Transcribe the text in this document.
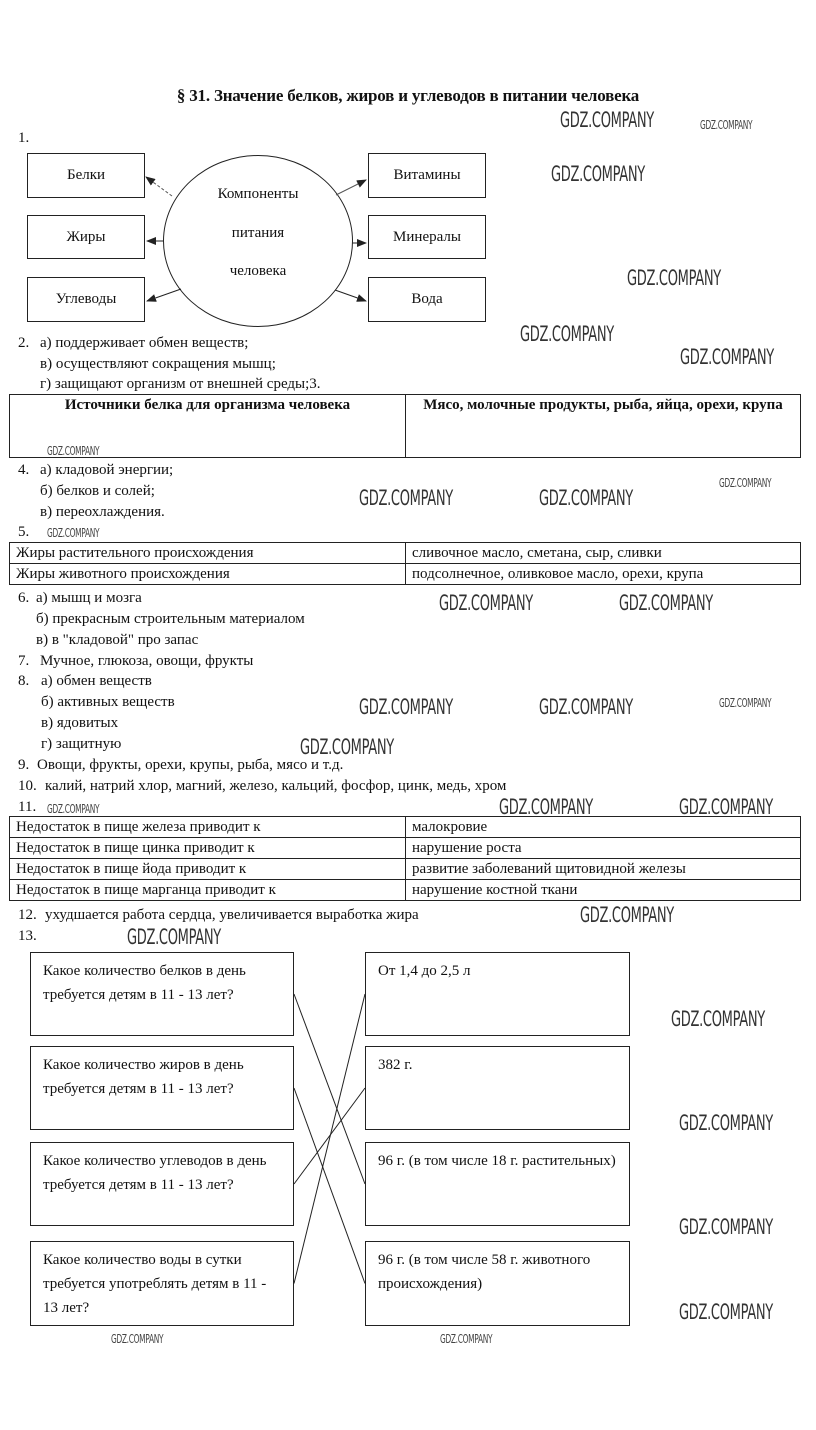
§ 31. Значение белков, жиров и углеводов в питании человека
1.
Белки
Жиры
Углеводы
Витамины
Минералы
Вода
Компоненты
питания
человека
2. а) поддерживает обмен веществ;
в) осуществляют сокращения мышц;
г) защищают организм от внешней среды;3.
Источники белка для организма человека	Мясо, молочные продукты, рыба, яйца, орехи, крупа
4. а) кладовой энергии;
б) белков и солей;
в) переохлаждения.
5.
Жиры растительного происхождения	сливочное масло, сметана, сыр, сливки
Жиры животного происхождения	подсолнечное, оливковое масло, орехи, крупа
6. а) мышц и мозга
б) прекрасным строительным материалом
в) в "кладовой" про запас
7. Мучное, глюкоза, овощи, фрукты
8. а) обмен веществ
б) активных веществ
в) ядовитых
г) защитную
9. Овощи, фрукты, орехи, крупы, рыба, мясо и т.д.
10. калий, натрий хлор, магний, железо, кальций, фосфор, цинк, медь, хром
11.
Недостаток в пище железа приводит к	малокровие
Недостаток в пище цинка приводит к	нарушение роста
Недостаток в пище йода приводит к	развитие заболеваний щитовидной железы
Недостаток в пище марганца приводит к	нарушение костной ткани
12. ухудшается работа сердца, увеличивается выработка жира
13.
Какое количество белков в день требуется детям в 11 - 13 лет?
Какое количество жиров в день требуется детям в 11 - 13 лет?
Какое количество углеводов в день требуется детям в 11 - 13 лет?
Какое количество воды в сутки требуется употреблять детям в 11 - 13 лет?
От 1,4 до 2,5 л
382 г.
96 г. (в том числе 18 г. растительных)
96 г. (в том числе 58 г. животного происхождения)
GDZ.COMPANY	GDZ.COMPANY
GDZ.COMPANY
GDZ.COMPANY
GDZ.COMPANY
GDZ.COMPANY
GDZ.COMPANY
GDZ.COMPANY
GDZ.COMPANY	GDZ.COMPANY
GDZ.COMPANY
GDZ.COMPANY	GDZ.COMPANY
GDZ.COMPANY	GDZ.COMPANY	GDZ.COMPANY
GDZ.COMPANY
GDZ.COMPANY	GDZ.COMPANY	GDZ.COMPANY
GDZ.COMPANY
GDZ.COMPANY
GDZ.COMPANY
GDZ.COMPANY
GDZ.COMPANY
GDZ.COMPANY
GDZ.COMPANY	GDZ.COMPANY
